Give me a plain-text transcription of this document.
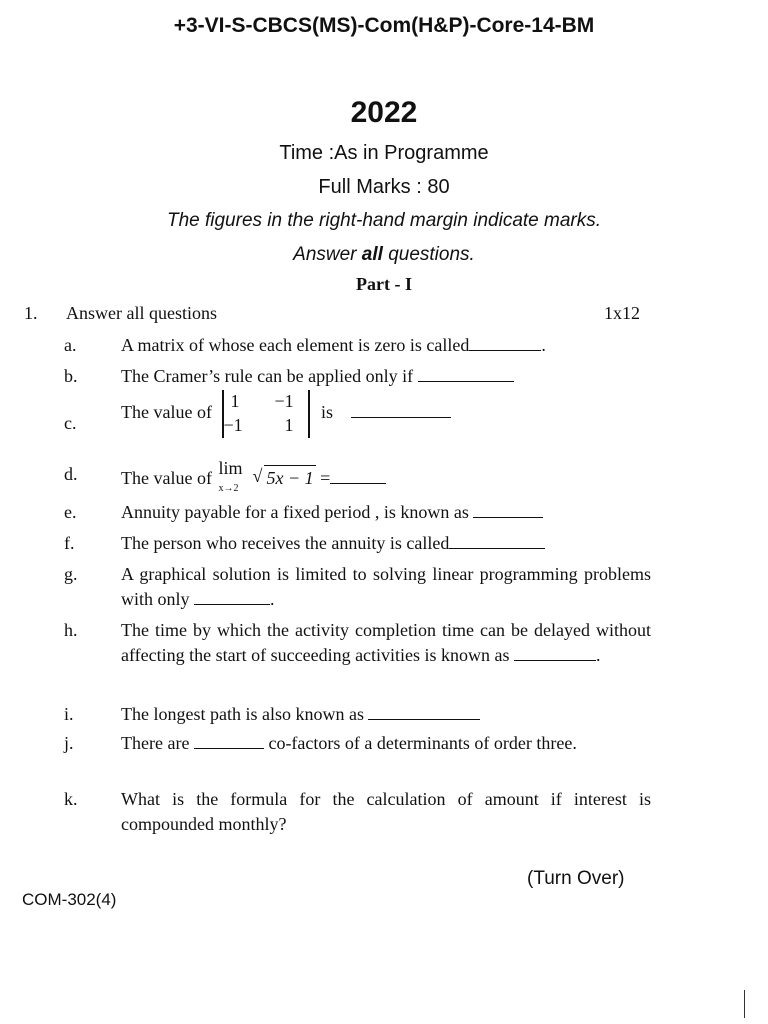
+3-VI-S-CBCS(MS)-Com(H&P)-Core-14-BM
2022
Time :As in Programme
Full Marks : 80
The figures in the right-hand margin indicate marks.
Answer all questions.
Part - I
1. Answer all questions	1x12
a. A matrix of whose each element is zero is called	.
b. The Cramer’s rule can be applied only if
c.
The value of
1 −1
−1 1
is
d. The value of lim
x→2
√ 5x − 1 =
e. Annuity payable for a fixed period , is known as
f.	The person who receives the annuity is called
g. A graphical solution is limited to solving linear programming problems with only	.
h. The time by which the activity completion time can be delayed without affecting the start of succeeding activities is known as	.
i.	The longest path is also known as
j.	There are	co-factors of a determinants of order three.
k. What is the formula for the calculation of amount if interest is compounded monthly?
(Turn Over)
COM-302(4)
